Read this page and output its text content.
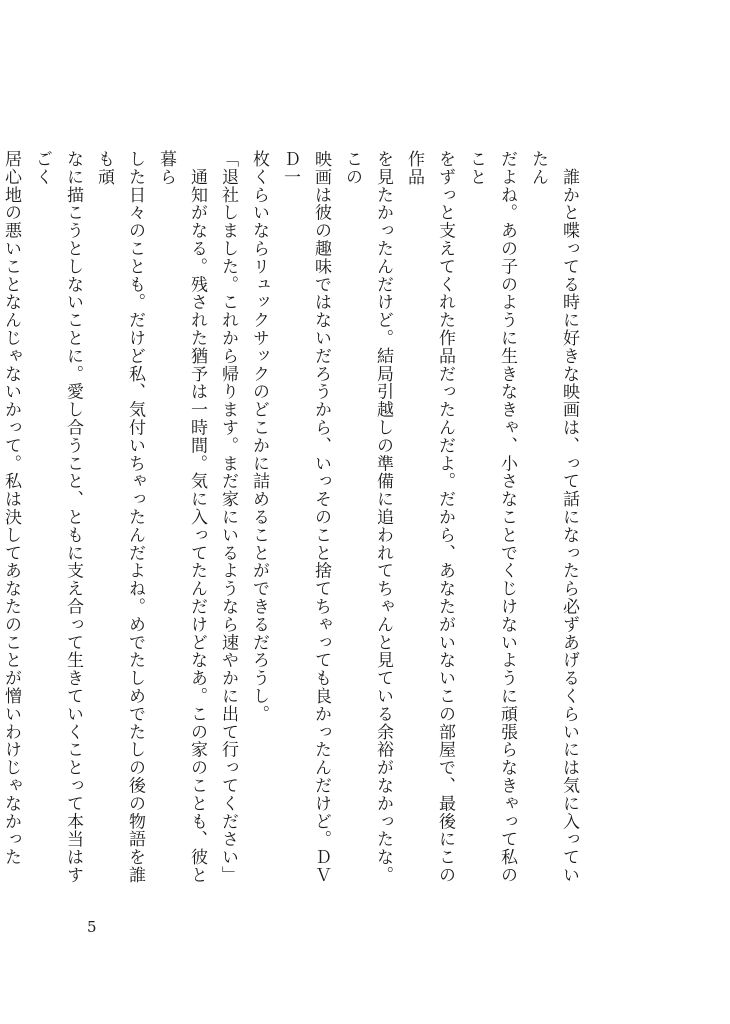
　誰かと喋ってる時に好きな映画は、って話になったら必ずあげるくらいには気に入っていたん

だよね。あの子のように生きなきゃ、小さなことでくじけないように頑張らなきゃって私のこと

をずっと支えてくれた作品だったんだよ。だから、あなたがいないこの部屋で、最後にこの作品

を見たかったんだけど。結局引越しの準備に追われてちゃんと見ている余裕がなかったな。この

映画は彼の趣味ではないだろうから、いっそのこと捨てちゃっても良かったんだけど。ＤＶＤ一

枚くらいならリュックサックのどこかに詰めることができるだろうし。

「退社しました。これから帰ります。まだ家にいるようなら速やかに出て行ってください」

　通知がなる。残された猶予は一時間。気に入ってたんだけどなあ。この家のことも、彼と暮ら

した日々のことも。だけど私、気付いちゃったんだよね。めでたしめでたしの後の物語を誰も頑

なに描こうとしないことに。愛し合うこと、ともに支え合って生きていくことって本当はすごく

居心地の悪いことなんじゃないかって。私は決してあなたのことが憎いわけじゃなかった

5
